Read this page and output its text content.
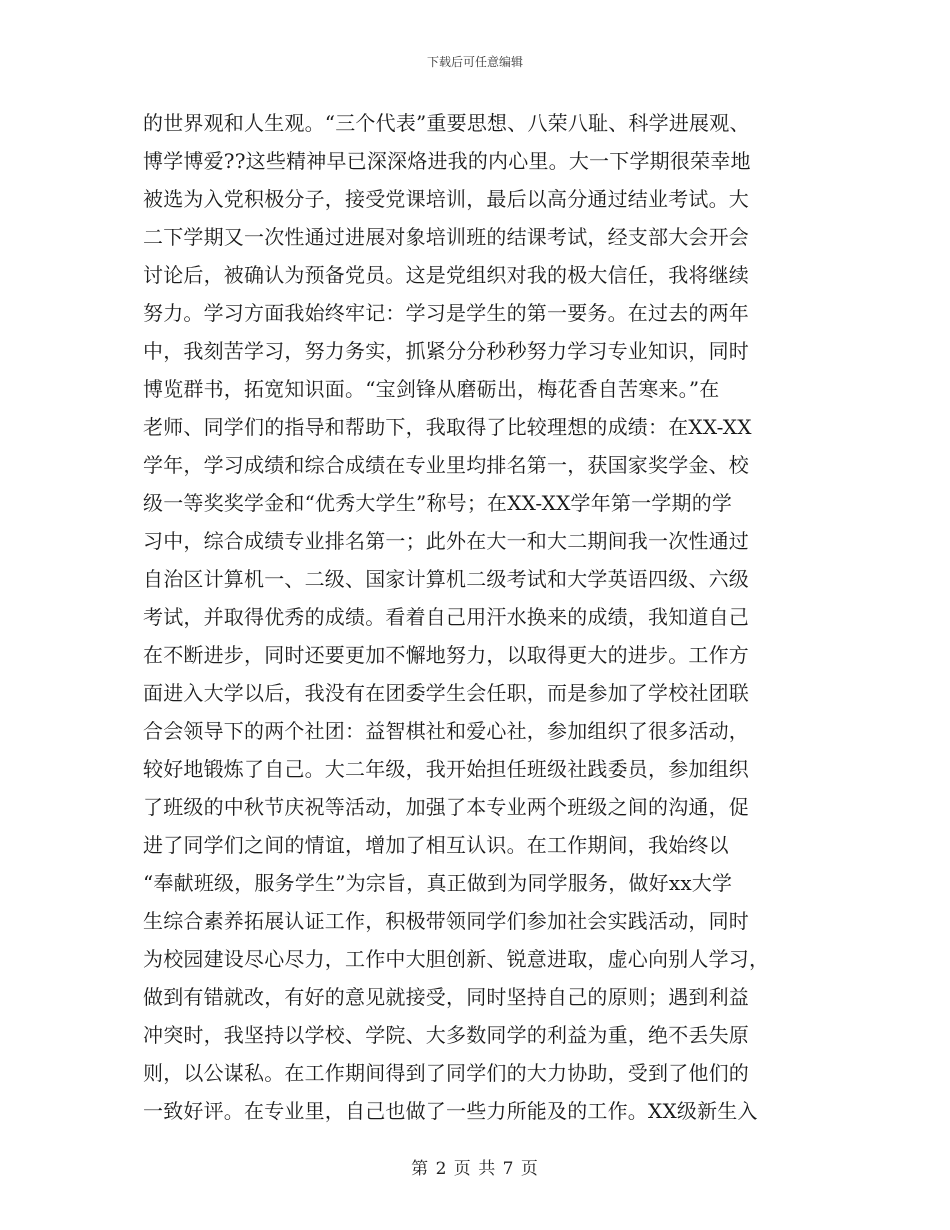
下载后可任意编辑
的世界观和人生观。“三个代表”重要思想、八荣八耻、科学进展观、
博学博爱??这些精神早已深深烙进我的内心里。大一下学期很荣幸地
被选为入党积极分子，接受党课培训，最后以高分通过结业考试。大
二下学期又一次性通过进展对象培训班的结课考试，经支部大会开会
讨论后，被确认为预备党员。这是党组织对我的极大信任，我将继续
努力。学习方面我始终牢记：学习是学生的第一要务。在过去的两年
中，我刻苦学习，努力务实，抓紧分分秒秒努力学习专业知识，同时
博览群书，拓宽知识面。“宝剑锋从磨砺出，梅花香自苦寒来。”在
老师、同学们的指导和帮助下，我取得了比较理想的成绩：在XX-XX
学年，学习成绩和综合成绩在专业里均排名第一，获国家奖学金、校
级一等奖奖学金和“优秀大学生”称号；在XX-XX学年第一学期的学
习中，综合成绩专业排名第一；此外在大一和大二期间我一次性通过
自治区计算机一、二级、国家计算机二级考试和大学英语四级、六级
考试，并取得优秀的成绩。看着自己用汗水换来的成绩，我知道自己
在不断进步，同时还要更加不懈地努力，以取得更大的进步。工作方
面进入大学以后，我没有在团委学生会任职，而是参加了学校社团联
合会领导下的两个社团：益智棋社和爱心社，参加组织了很多活动，
较好地锻炼了自己。大二年级，我开始担任班级社践委员，参加组织
了班级的中秋节庆祝等活动，加强了本专业两个班级之间的沟通，促
进了同学们之间的情谊，增加了相互认识。在工作期间，我始终以
“奉献班级，服务学生”为宗旨，真正做到为同学服务，做好xx大学
生综合素养拓展认证工作，积极带领同学们参加社会实践活动，同时
为校园建设尽心尽力，工作中大胆创新、锐意进取，虚心向别人学习，
做到有错就改，有好的意见就接受，同时坚持自己的原则；遇到利益
冲突时，我坚持以学校、学院、大多数同学的利益为重，绝不丢失原
则，以公谋私。在工作期间得到了同学们的大力协助，受到了他们的
一致好评。在专业里，自己也做了一些力所能及的工作。XX级新生入
第 2 页 共 7 页
